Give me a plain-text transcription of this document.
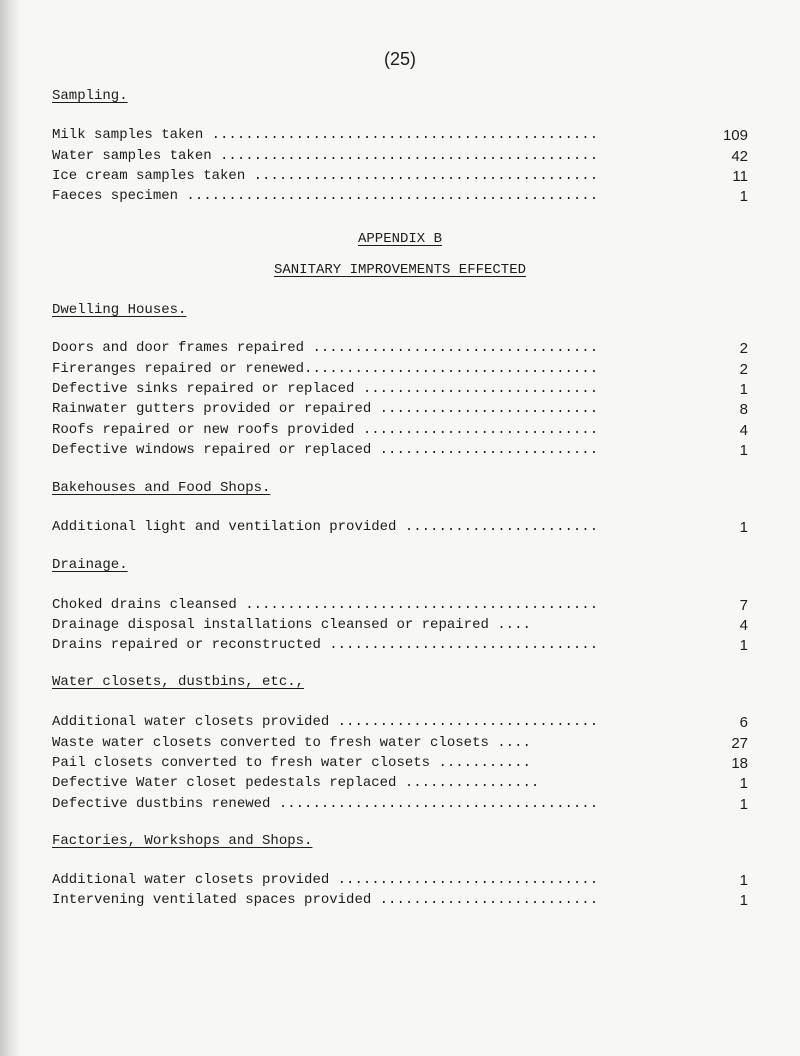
(25)
Sampling.
Milk samples taken ..............................................	109
Water samples taken .............................................	42
Ice cream samples taken .........................................	11
Faeces specimen .................................................	1
APPENDIX B
SANITARY IMPROVEMENTS EFFECTED
Dwelling Houses.
Doors and door frames repaired ..................................	2
Fireranges repaired or renewed...................................	2
Defective sinks repaired or replaced ............................	1
Rainwater gutters provided or repaired ..........................	8
Roofs repaired or new roofs provided ............................	4
Defective windows repaired or replaced ..........................	1
Bakehouses and Food Shops.
Additional light and ventilation provided .......................	1
Drainage.
Choked drains cleansed ..........................................	7
Drainage disposal installations cleansed or repaired ....	4
Drains repaired or reconstructed ................................	1
Water closets, dustbins, etc.,
Additional water closets provided ...............................	6
Waste water closets converted to fresh water closets ....	27
Pail closets converted to fresh water closets ...........	18
Defective Water closet pedestals replaced ................	1
Defective dustbins renewed ......................................	1
Factories, Workshops and Shops.
Additional water closets provided ...............................	1
Intervening ventilated spaces provided ..........................	1
